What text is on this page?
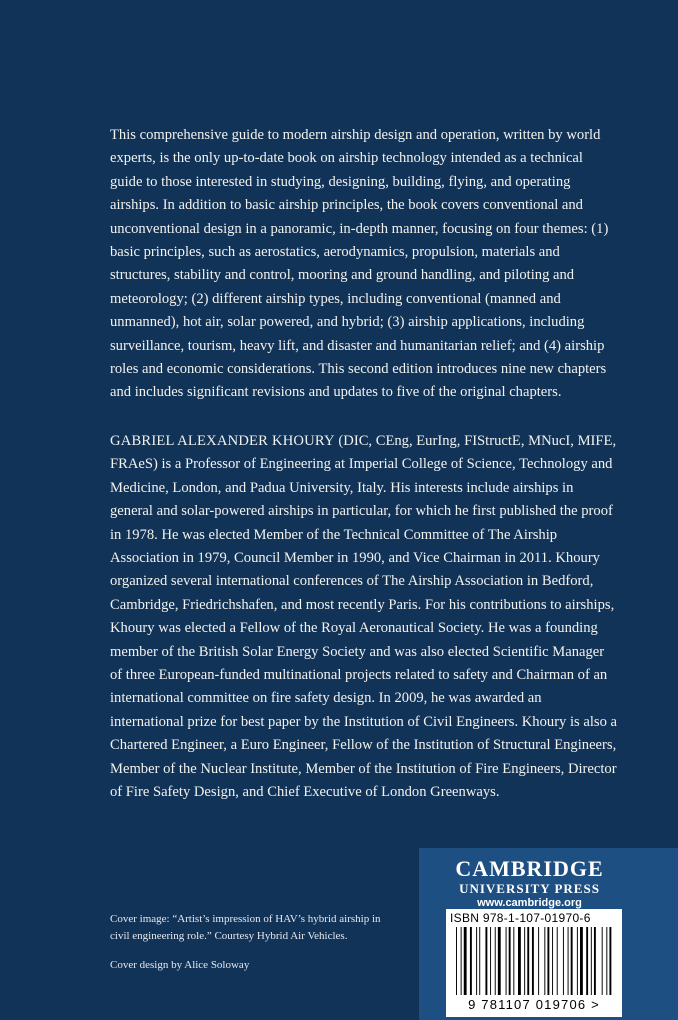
This comprehensive guide to modern airship design and operation, written by world experts, is the only up-to-date book on airship technology intended as a technical guide to those interested in studying, designing, building, flying, and operating airships. In addition to basic airship principles, the book covers conventional and unconventional design in a panoramic, in-depth manner, focusing on four themes: (1) basic principles, such as aerostatics, aerodynamics, propulsion, materials and structures, stability and control, mooring and ground handling, and piloting and meteorology; (2) different airship types, including conventional (manned and unmanned), hot air, solar powered, and hybrid; (3) airship applications, including surveillance, tourism, heavy lift, and disaster and humanitarian relief; and (4) airship roles and economic considerations. This second edition introduces nine new chapters and includes significant revisions and updates to five of the original chapters.

GABRIEL ALEXANDER KHOURY (DIC, CEng, EurIng, FIStructE, MNucI, MIFE, FRAeS) is a Professor of Engineering at Imperial College of Science, Technology and Medicine, London, and Padua University, Italy. His interests include airships in general and solar-powered airships in particular, for which he first published the proof in 1978. He was elected Member of the Technical Committee of The Airship Association in 1979, Council Member in 1990, and Vice Chairman in 2011. Khoury organized several international conferences of The Airship Association in Bedford, Cambridge, Friedrichshafen, and most recently Paris. For his contributions to airships, Khoury was elected a Fellow of the Royal Aeronautical Society. He was a founding member of the British Solar Energy Society and was also elected Scientific Manager of three European-funded multinational projects related to safety and Chairman of an international committee on fire safety design. In 2009, he was awarded an international prize for best paper by the Institution of Civil Engineers. Khoury is also a Chartered Engineer, a Euro Engineer, Fellow of the Institution of Structural Engineers, Member of the Nuclear Institute, Member of the Institution of Fire Engineers, Director of Fire Safety Design, and Chief Executive of London Greenways.

Cover image: “Artist’s impression of HAV’s hybrid airship in civil engineering role.” Courtesy Hybrid Air Vehicles.

Cover design by Alice Soloway

CAMBRIDGE
UNIVERSITY PRESS
www.cambridge.org
ISBN 978-1-107-01970-6
9 781107 019706 >
